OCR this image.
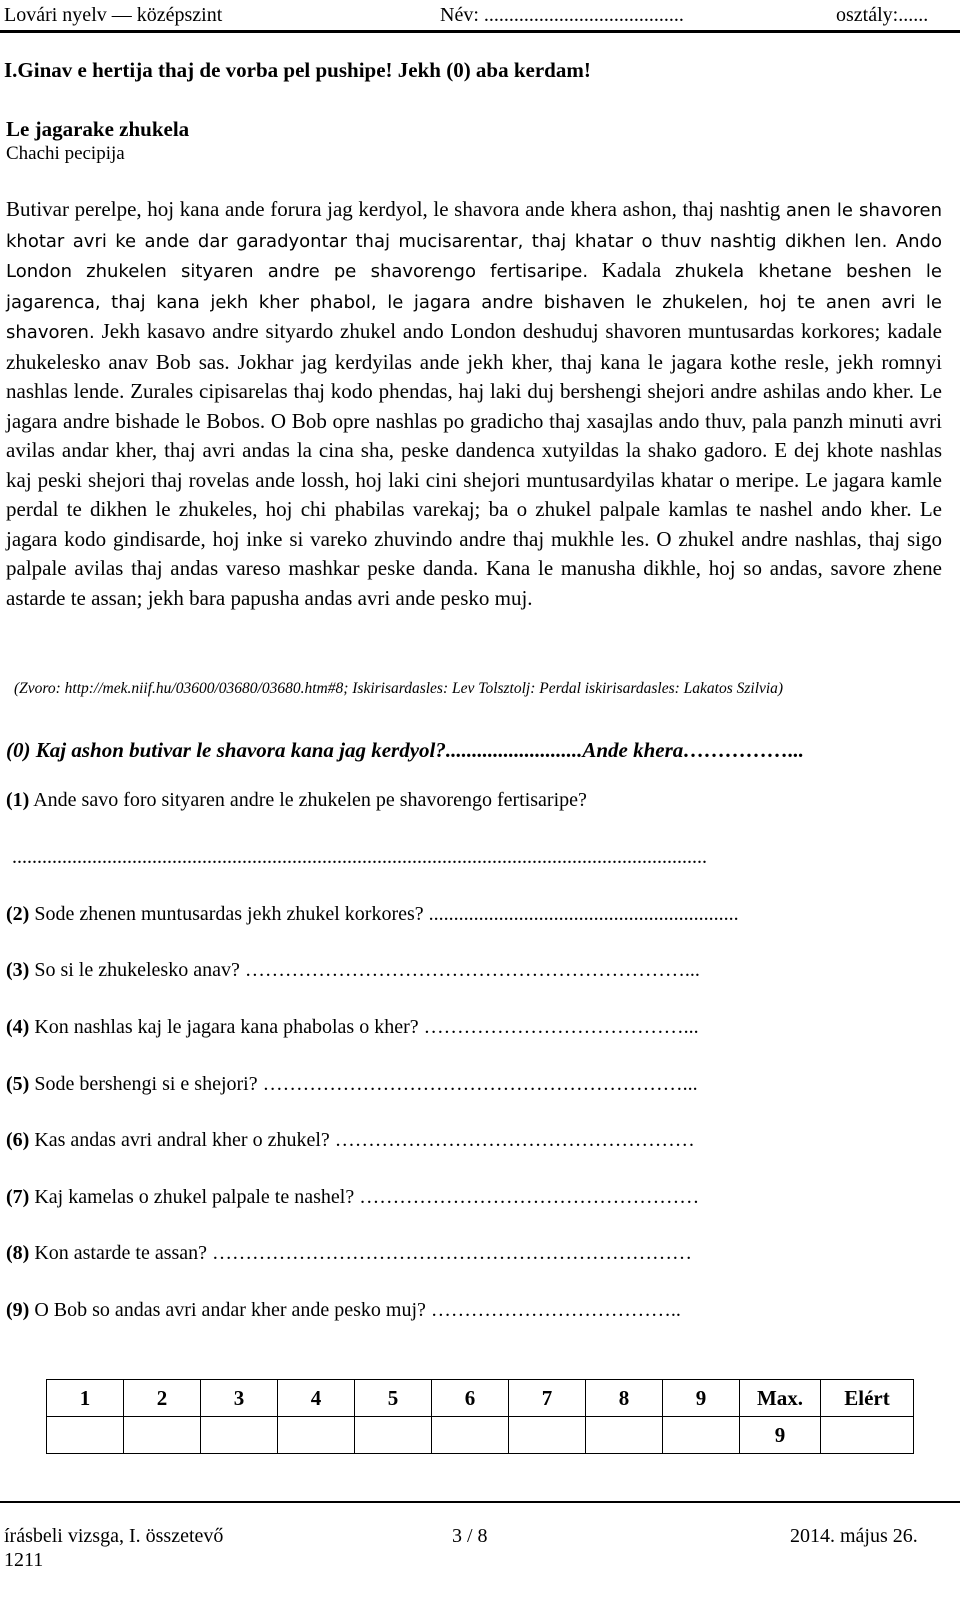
Lovári nyelv — középszint	Név: ........................................	osztály:......
I.Ginav e hertija thaj de vorba pel pushipe! Jekh (0) aba kerdam!
Le jagarake zhukela
Chachi pecipija
Butivar perelpe, hoj kana ande forura jag kerdyol, le shavora ande khera ashon, thaj nashtig anen le shavoren khotar avri ke ande dar garadyontar thaj mucisarentar, thaj khatar o thuv nashtig dikhen len. Ando London zhukelen sityaren andre pe shavorengo fertisaripe. Kadala zhukela khetane beshen le jagarenca, thaj kana jekh kher phabol, le jagara andre bishaven le zhukelen, hoj te anen avri le shavoren. Jekh kasavo andre sityardo zhukel ando London deshuduj shavoren muntusardas korkores; kadale zhukelesko anav Bob sas. Jokhar jag kerdyilas ande jekh kher, thaj kana le jagara kothe resle, jekh romnyi nashlas lende. Zurales cipisarelas thaj kodo phendas, haj laki duj bershengi shejori andre ashilas ando kher. Le jagara andre bishade le Bobos. O Bob opre nashlas po gradicho thaj xasajlas ando thuv, pala panzh minuti avri avilas andar kher, thaj avri andas la cina sha, peske dandenca xutyildas la shako gadoro. E dej khote nashlas kaj peski shejori thaj rovelas ande lossh, hoj laki cini shejori muntusardyilas khatar o meripe. Le jagara kamle perdal te dikhen le zhukeles, hoj chi phabilas varekaj; ba o zhukel palpale kamlas te nashel ando kher. Le jagara kodo gindisarde, hoj inke si vareko zhuvindo andre thaj mukhle les. O zhukel andre nashlas, thaj sigo palpale avilas thaj andas vareso mashkar peske danda. Kana le manusha dikhle, hoj so andas, savore zhene astarde te assan; jekh bara papusha andas avri ande pesko muj.
(Zvoro: http://mek.niif.hu/03600/03680/03680.htm#8; Iskirisardasles: Lev Tolsztolj: Perdal iskirisardasles: Lakatos Szilvia)
(0) Kaj ashon butivar le shavora kana jag kerdyol?..........................Ande khera……………...
(1) Ande savo foro sityaren andre le zhukelen pe shavorengo fertisaripe?
...........................................................................................................................................
(2) Sode zhenen muntusardas jekh zhukel korkores? ..............................................................
(3) So si le zhukelesko anav? …………………………………………………………...
(4) Kon nashlas kaj le jagara kana phabolas o kher? …………………………………...
(5) Sode bershengi si e shejori? ………………………………………………………...
(6) Kas andas avri andral kher o zhukel? ………………………………………………
(7) Kaj kamelas o zhukel palpale te nashel? ……………………………………………
(8) Kon astarde te assan? ………………………………………………………………
(9) O Bob so andas avri andar kher ande pesko muj? ………………………………..
1	2	3	4	5	6	7	8	9	Max.	Elért
									9	
írásbeli vizsga, I. összetevő	3 / 8	2014. május 26.
1211
